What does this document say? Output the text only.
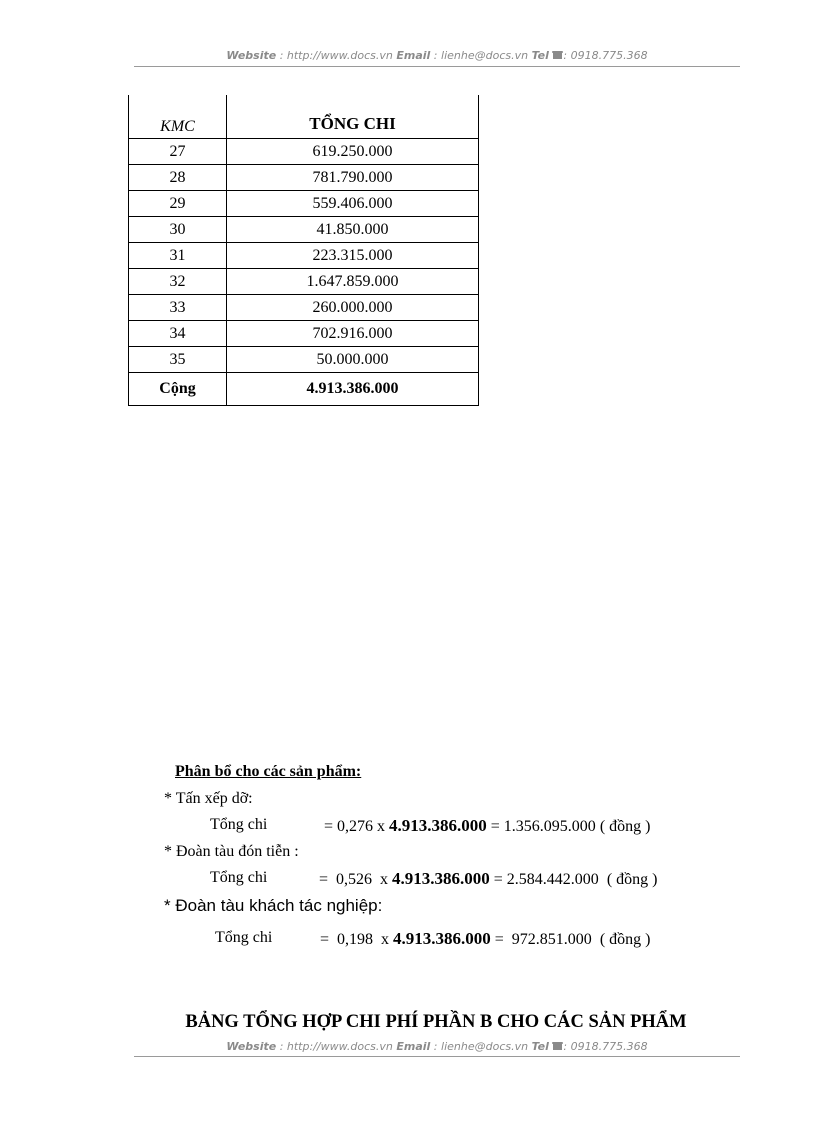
Website : http://www.docs.vn Email : lienhe@docs.vn Tel : 0918.775.368
KMC	TỔNG CHI
27	619.250.000
28	781.790.000
29	559.406.000
30	41.850.000
31	223.315.000
32	1.647.859.000
33	260.000.000
34	702.916.000
35	50.000.000
Cộng	4.913.386.000
Phân bổ cho các sản phẩm:
* Tấn xếp dỡ:
Tổng chi	= 0,276 x 4.913.386.000 = 1.356.095.000 ( đồng )
* Đoàn tàu đón tiễn :
Tổng chi	= 0,526  x 4.913.386.000 = 2.584.442.000 ( đồng )
* Đoàn tàu khách tác nghiệp:
Tổng chi	= 0,198  x 4.913.386.000 =  972.851.000 ( đồng )
BẢNG TỔNG HỢP CHI PHÍ PHẦN B CHO CÁC SẢN PHẨM
Website : http://www.docs.vn Email : lienhe@docs.vn Tel : 0918.775.368
